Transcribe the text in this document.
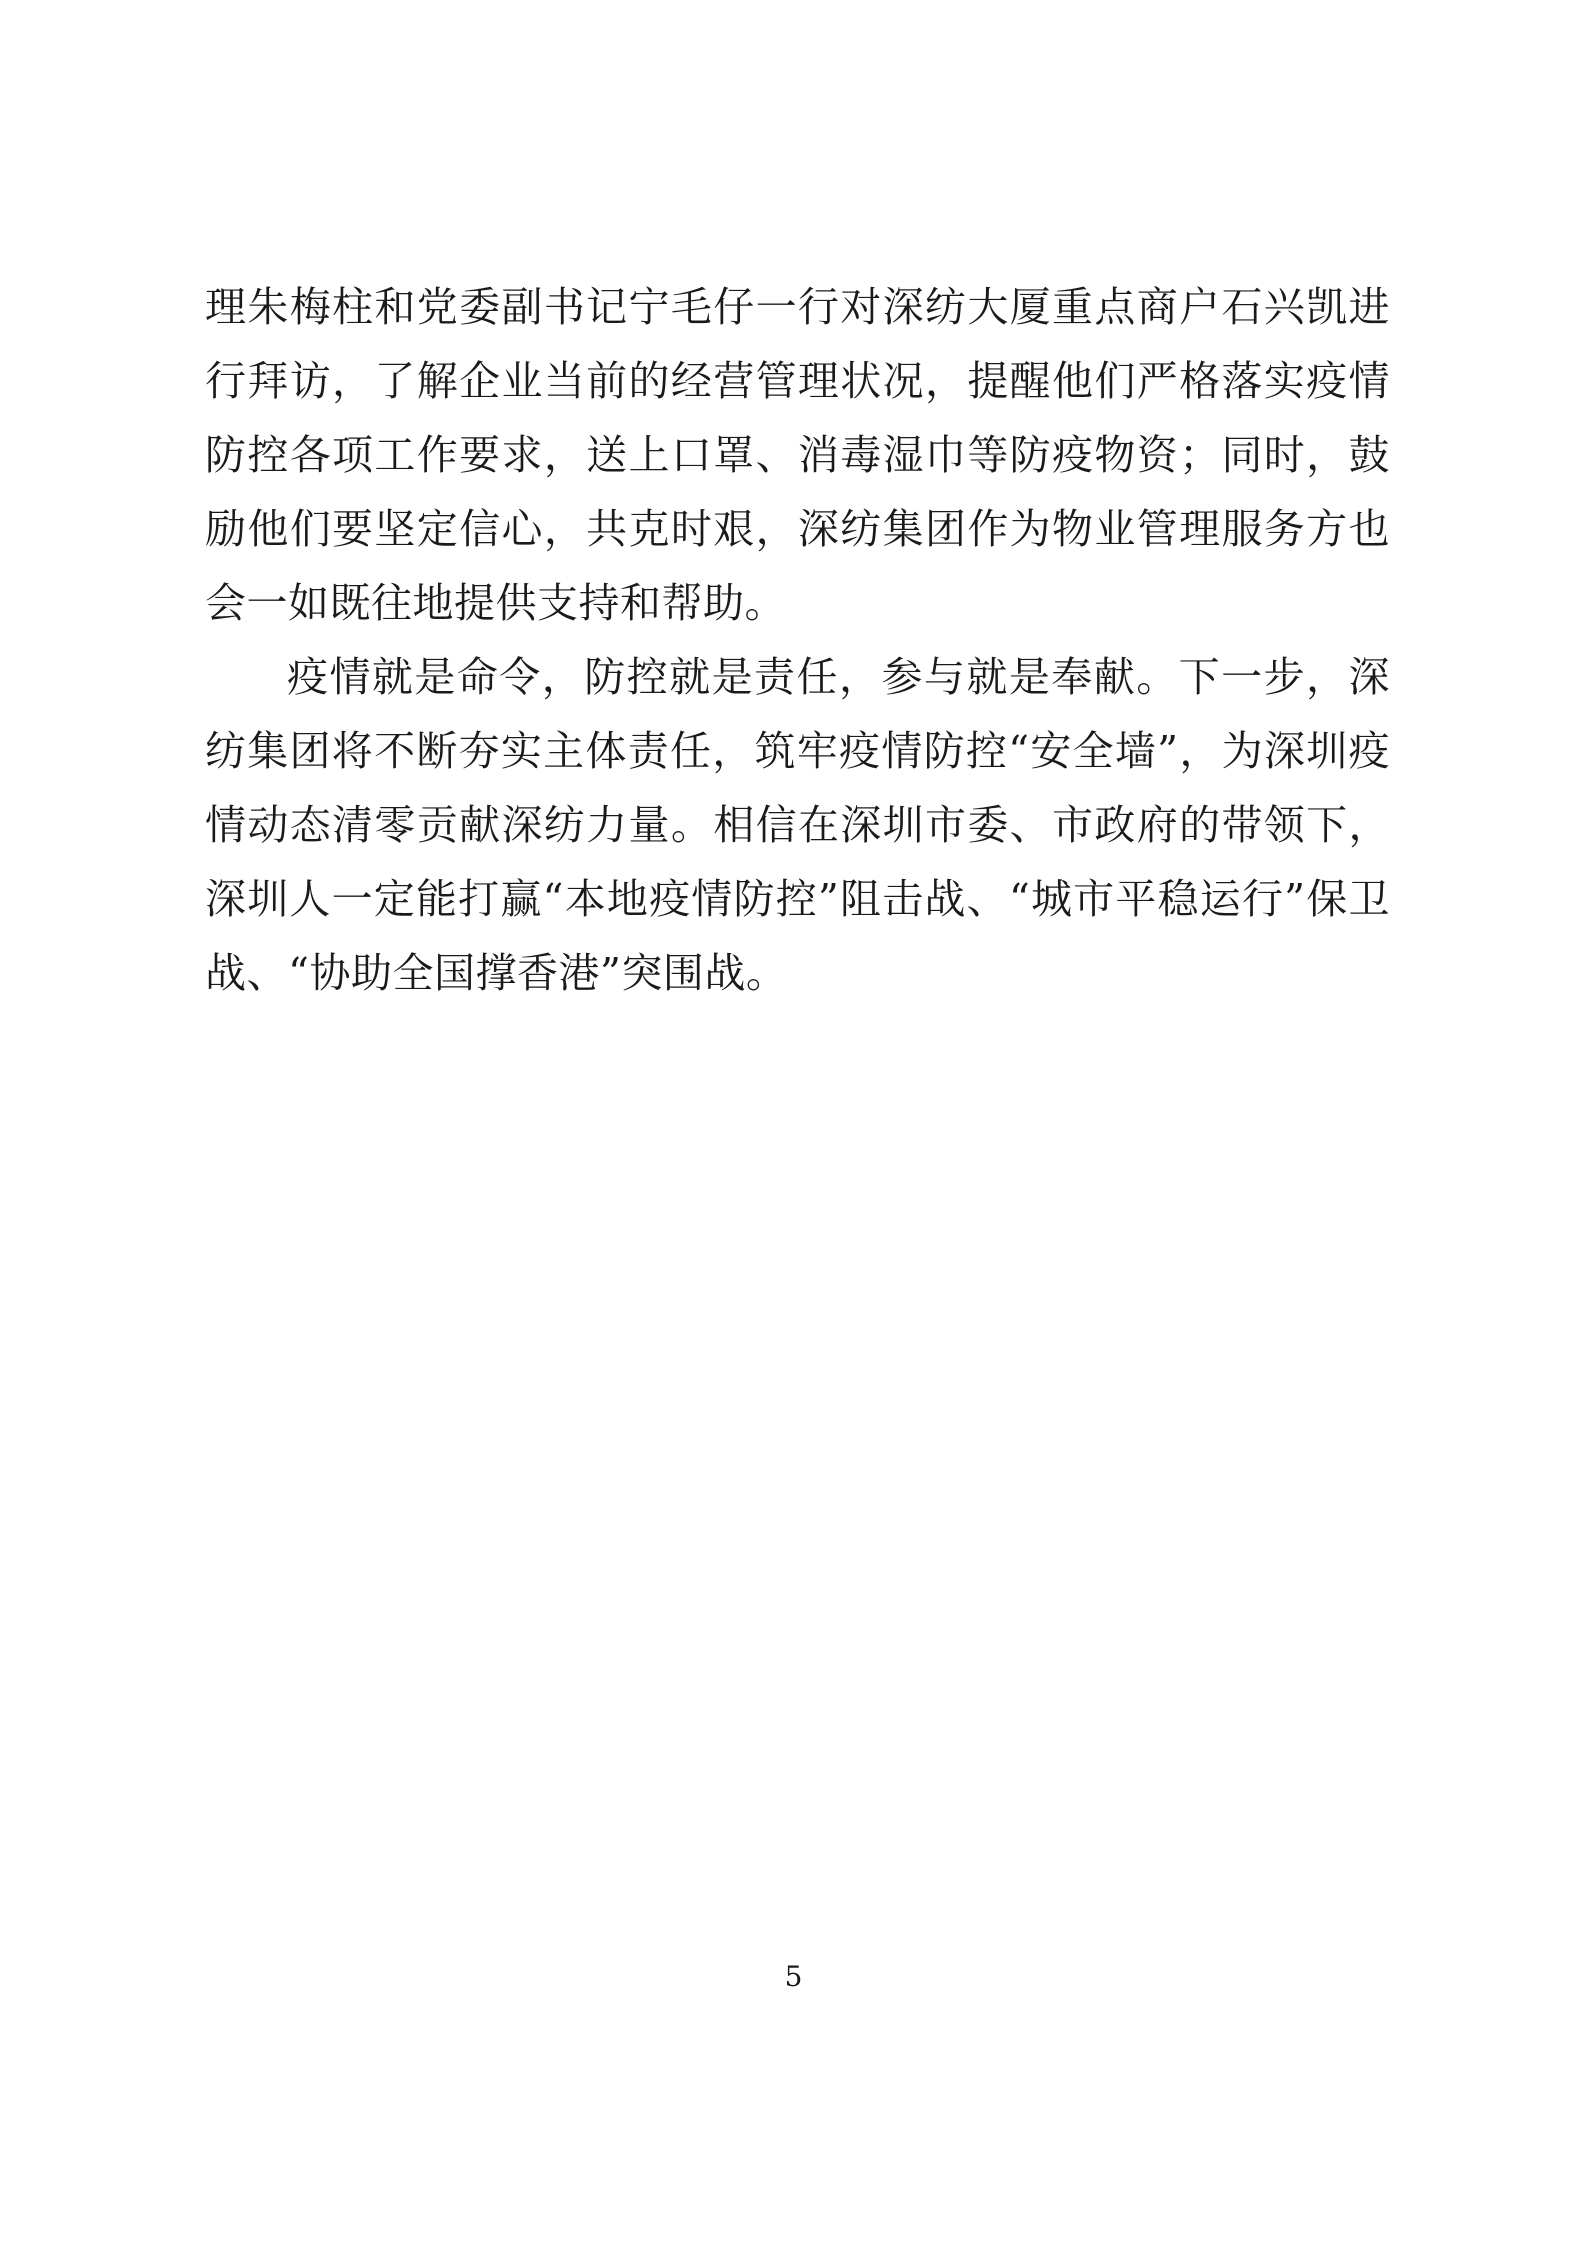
理朱梅柱和党委副书记宁毛仔一行对深纺大厦重点商户石兴凯进行拜访，了解企业当前的经营管理状况，提醒他们严格落实疫情防控各项工作要求，送上口罩、消毒湿巾等防疫物资；同时，鼓励他们要坚定信心，共克时艰，深纺集团作为物业管理服务方也会一如既往地提供支持和帮助。

疫情就是命令，防控就是责任，参与就是奉献。下一步，深纺集团将不断夯实主体责任，筑牢疫情防控“安全墙”，为深圳疫情动态清零贡献深纺力量。相信在深圳市委、市政府的带领下，深圳人一定能打赢“本地疫情防控”阻击战、“城市平稳运行”保卫战、“协助全国撑香港”突围战。

5
